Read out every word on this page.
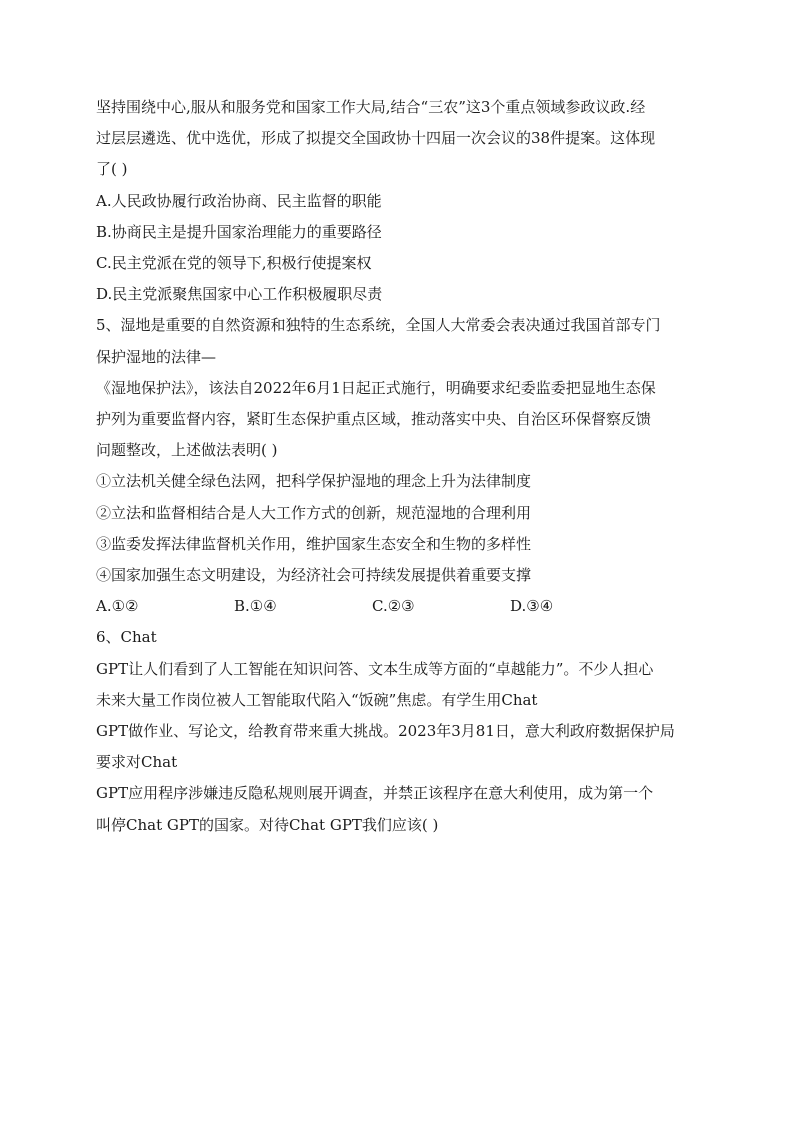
坚持围绕中心,服从和服务党和国家工作大局,结合“三农”这3个重点领域参政议政.经
过层层遴选、优中选优，形成了拟提交全国政协十四届一次会议的38件提案。这体现
了( )
A.人民政协履行政治协商、民主监督的职能
B.协商民主是提升国家治理能力的重要路径
C.民主党派在党的领导下,积极行使提案权
D.民主党派聚焦国家中心工作积极履职尽责
5、湿地是重要的自然资源和独特的生态系统，全国人大常委会表决通过我国首部专门
保护湿地的法律—
《湿地保护法》，该法自2022年6月1日起正式施行，明确要求纪委监委把显地生态保
护列为重要监督内容，紧盯生态保护重点区域，推动落实中央、自治区环保督察反馈
问题整改，上述做法表明( )
①立法机关健全绿色法网，把科学保护湿地的理念上升为法律制度
②立法和监督相结合是人大工作方式的创新，规范湿地的合理利用
③监委发挥法律监督机关作用，维护国家生态安全和生物的多样性
④国家加强生态文明建设，为经济社会可持续发展提供着重要支撑
A.①②	B.①④	C.②③	D.③④
6、Chat
GPT让人们看到了人工智能在知识问答、文本生成等方面的“卓越能力”。不少人担心
未来大量工作岗位被人工智能取代陷入“饭碗”焦虑。有学生用Chat
GPT做作业、写论文，给教育带来重大挑战。2023年3月81日，意大利政府数据保护局
要求对Chat
GPT应用程序涉嫌违反隐私规则展开调查，并禁正该程序在意大利使用，成为第一个
叫停Chat GPT的国家。对待Chat GPT我们应该( )
